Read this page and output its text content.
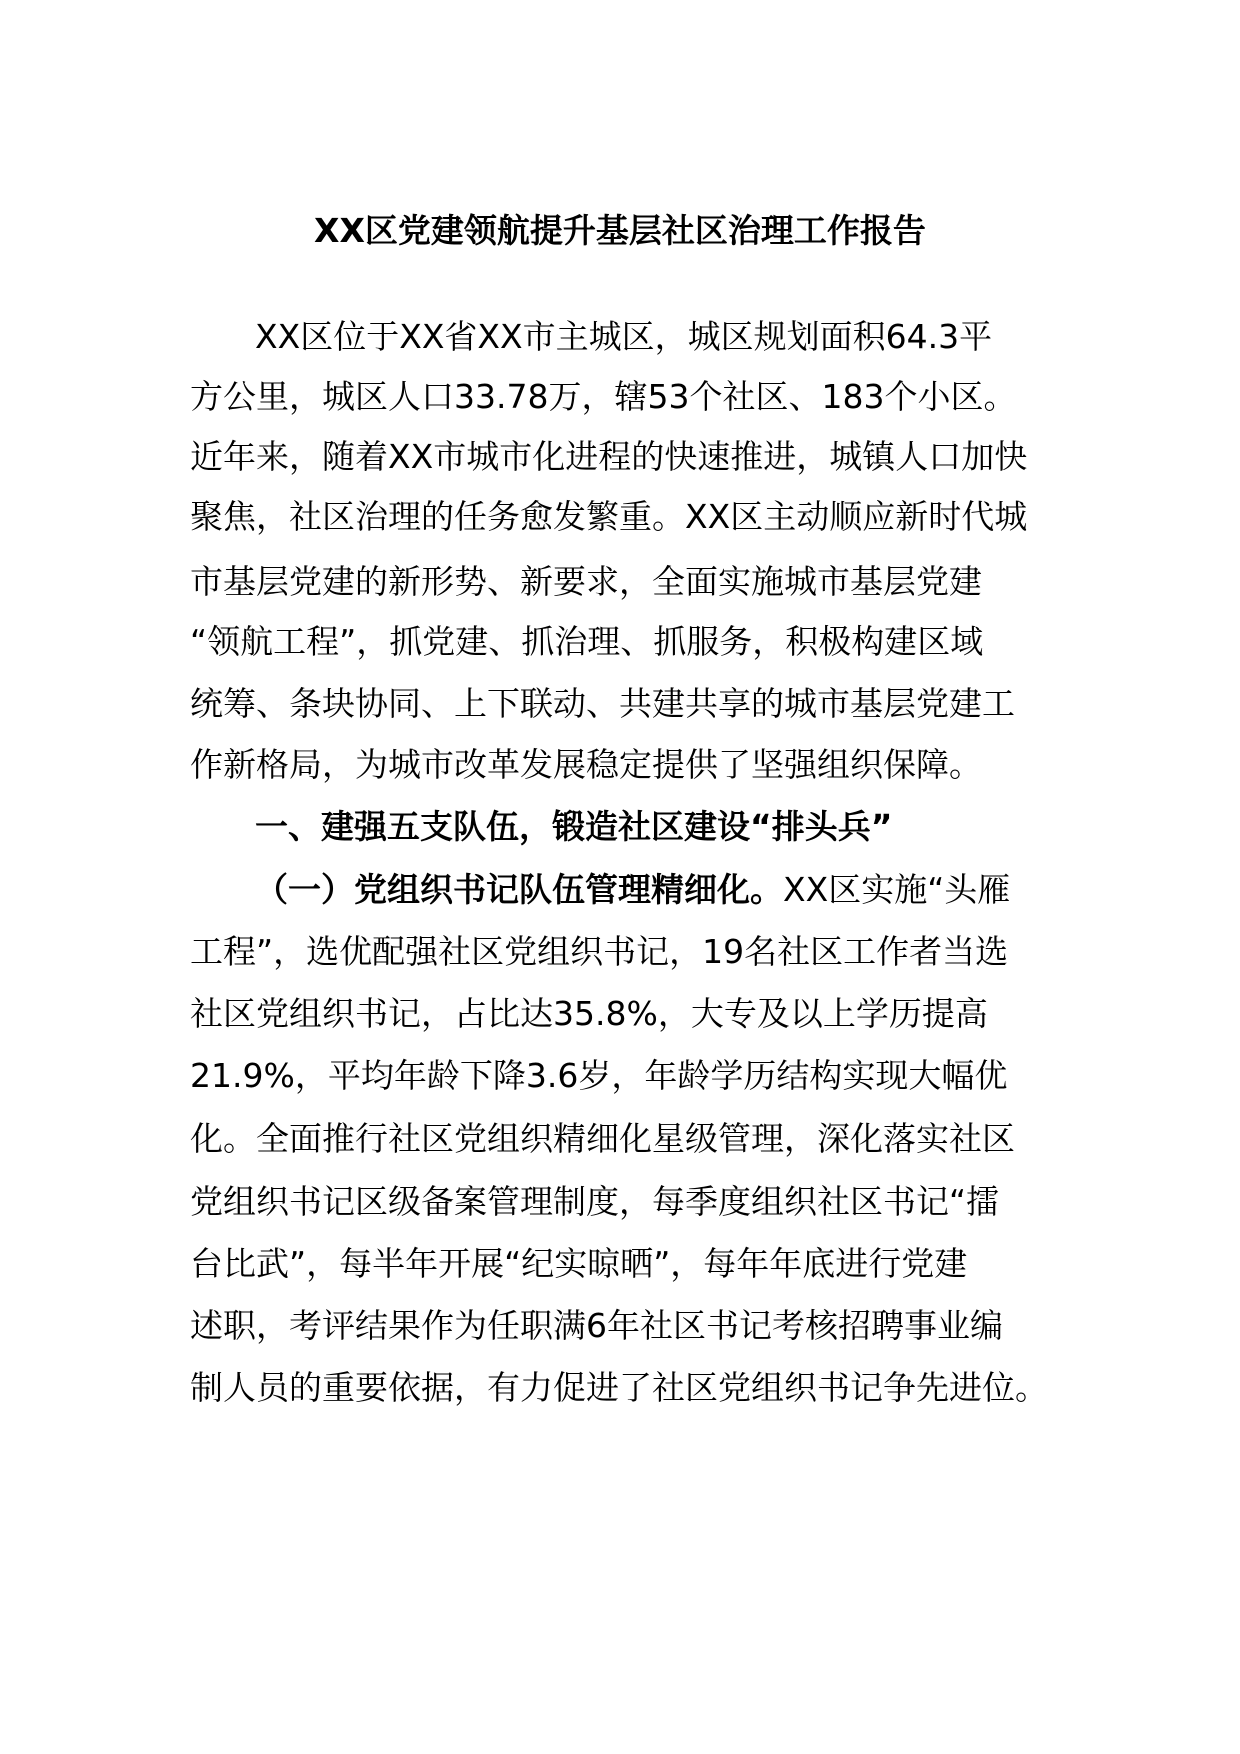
XX区党建领航提升基层社区治理工作报告
XX区位于XX省XX市主城区，城区规划面积64.3平
方公里，城区人口33.78万，辖53个社区、183个小区。
近年来，随着XX市城市化进程的快速推进，城镇人口加快
聚焦，社区治理的任务愈发繁重。XX区主动顺应新时代城
市基层党建的新形势、新要求，全面实施城市基层党建
“领航工程”，抓党建、抓治理、抓服务，积极构建区域
统筹、条块协同、上下联动、共建共享的城市基层党建工
作新格局，为城市改革发展稳定提供了坚强组织保障。
一、建强五支队伍，锻造社区建设“排头兵”
（一）党组织书记队伍管理精细化。XX区实施“头雁
工程”，选优配强社区党组织书记，19名社区工作者当选
社区党组织书记，占比达35.8%，大专及以上学历提高
21.9%，平均年龄下降3.6岁，年龄学历结构实现大幅优
化。全面推行社区党组织精细化星级管理，深化落实社区
党组织书记区级备案管理制度，每季度组织社区书记“擂
台比武”，每半年开展“纪实晾晒”，每年年底进行党建
述职，考评结果作为任职满6年社区书记考核招聘事业编
制人员的重要依据，有力促进了社区党组织书记争先进位。
